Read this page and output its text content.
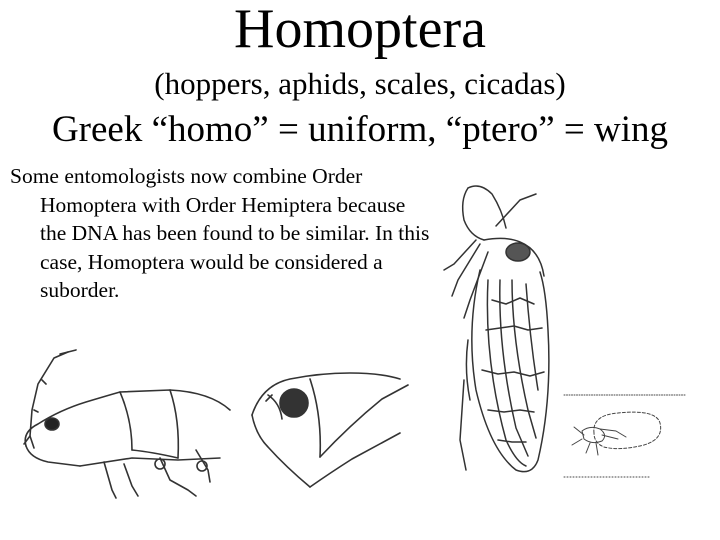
Homoptera
(hoppers, aphids, scales, cicadas)
Greek “homo” = uniform, “ptero” = wing
Some entomologists now combine Order Homoptera with Order Hemiptera because the DNA has been found to be similar. In this case, Homoptera would be considered a suborder.
